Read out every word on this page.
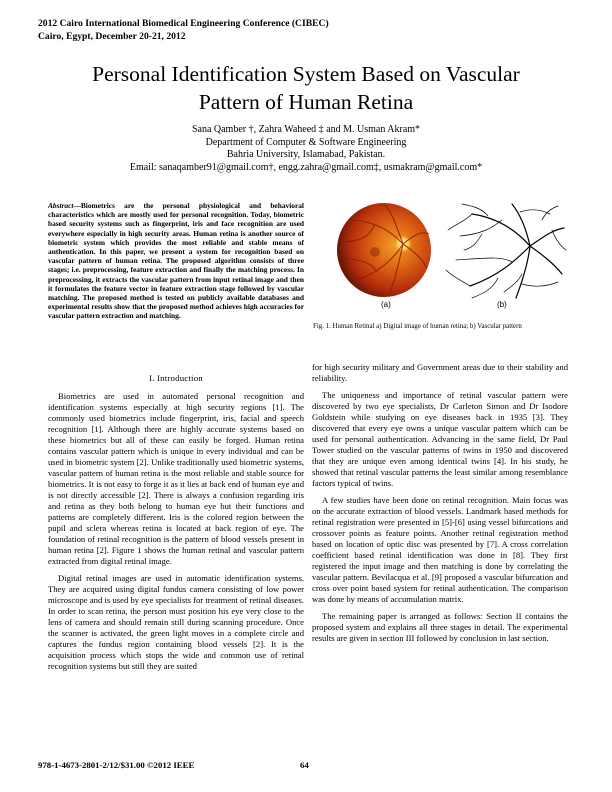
2012 Cairo International Biomedical Engineering Conference (CIBEC)
Cairo, Egypt, December 20-21, 2012
Personal Identification System Based on Vascular
Pattern of Human Retina
Sana Qamber †, Zahra Waheed ‡ and M. Usman Akram*
Department of Computer & Software Engineering
Bahria University, Islamabad, Pakistan.
Email: sanaqamber91@gmail.com†, engg.zahra@gmail.com‡, usmakram@gmail.com*
Abstract—Biometrics are the personal physiological and behavioral characteristics which are mostly used for personal recognition. Today, biometric based security systems such as fingerprint, iris and face recognition are used everywhere especially in high security areas. Human retina is another source of biometric system which provides the most reliable and stable means of authentication. In this paper, we present a system for recognition based on vascular pattern of human retina. The proposed algorithm consists of three stages; i.e. preprocessing, feature extraction and finally the matching process. In preprocessing, it extracts the vascular pattern from input retinal image and then it formulates the feature vector in feature extraction stage followed by vascular matching. The proposed method is tested on publicly available databases and experimental results show that the proposed method achieves high accuracies for vascular pattern extraction and matching.
(a)	(b)
Fig. 1. Human Retinal a) Digital image of human retina; b) Vascular pattern
I. Introduction

Biometrics are used in automated personal recognition and identification systems especially at high security regions [1]. The commonly used biometrics include fingerprint, iris, facial and speech recognition [1]. Although there are highly accurate systems based on these biometrics but all of these can easily be forged. Human retina contains vascular pattern which is unique in every individual and can be used in biometric system [2]. Unlike traditionally used biometric systems, vascular pattern of human retina is the most reliable and stable source for biometrics. It is not easy to forge it as it lies at back end of human eye and is not directly accessible [2]. There is always a confusion regarding iris and retina as they both belong to human eye but their functions and patterns are completely different. Iris is the colored region between the pupil and sclera whereas retina is located at back region of eye. The foundation of retinal recognition is the pattern of blood vessels present in human retina [2]. Figure 1 shows the human retinal and vascular pattern extracted from digital retinal image.

Digital retinal images are used in automatic identification systems. They are acquired using digital fundus camera consisting of low power microscope and is used by eye specialists for treatment of retinal diseases. In order to scan retina, the person must position his eye very close to the lens of camera and should remain still during scanning procedure. Once the scanner is activated, the green light moves in a complete circle and captures the fundus region containing blood vessels [2]. It is the acquisition process which stops the wide and common use of retinal recognition systems but still they are suited

for high security military and Government areas due to their stability and reliability.

The uniqueness and importance of retinal vascular pattern were discovered by two eye specialists, Dr Carleton Simon and Dr Isodore Goldstein while studying on eye diseases back in 1935 [3]. They discovered that every eye owns a unique vascular pattern which can be used for personal authentication. Advancing in the same field, Dr Paul Tower studied on the vascular patterns of twins in 1950 and discovered that they are unique even among identical twins [4]. In his study, he showed that retinal vascular patterns the least similar among resemblance factors typical of twins.

A few studies have been done on retinal recognition. Main focus was on the accurate extraction of blood vessels. Landmark based methods for retinal registration were presented in [5]-[6] using vessel bifurcations and crossover points as feature points. Another retinal registration method based on location of optic disc was presented by [7]. A cross correlation coefficient based retinal identification was done in [8]. They first registered the input image and then matching is done by correlating the vascular pattern. Bevilacqua et al. [9] proposed a vascular bifurcation and cross over point based system for retinal authentication. The comparison was done by means of accumulation matrix.

The remaining paper is arranged as follows: Section II contains the proposed system and explains all three stages in detail. The experimental results are given in section III followed by conclusion in last section.

978-1-4673-2801-2/12/$31.00 ©2012 IEEE	64
